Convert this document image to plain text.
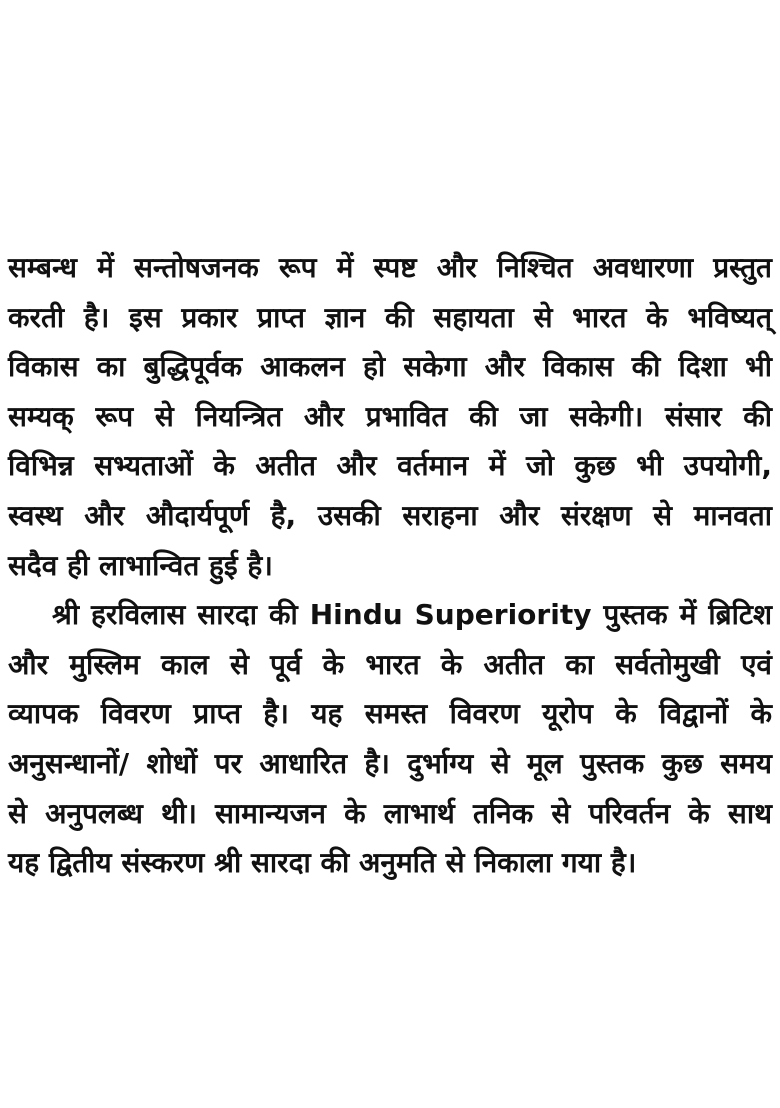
सम्बन्ध में सन्तोषजनक रूप में स्पष्ट और निश्चित अवधारणा प्रस्तुत
करती है। इस प्रकार प्राप्त ज्ञान की सहायता से भारत के भविष्यत्
विकास का बुद्धिपूर्वक आकलन हो सकेगा और विकास की दिशा भी
सम्यक् रूप से नियन्त्रित और प्रभावित की जा सकेगी। संसार की
विभिन्न सभ्यताओं के अतीत और वर्तमान में जो कुछ भी उपयोगी,
स्वस्थ और औदार्यपूर्ण है, उसकी सराहना और संरक्षण से मानवता
सदैव ही लाभान्वित हुई है।
श्री हरविलास सारदा की Hindu Superiority पुस्तक में ब्रिटिश
और मुस्लिम काल से पूर्व के भारत के अतीत का सर्वतोमुखी एवं
व्यापक विवरण प्राप्त है। यह समस्त विवरण यूरोप के विद्वानों के
अनुसन्धानों/ शोधों पर आधारित है। दुर्भाग्य से मूल पुस्तक कुछ समय
से अनुपलब्ध थी। सामान्यजन के लाभार्थ तनिक से परिवर्तन के साथ
यह द्वितीय संस्करण श्री सारदा की अनुमति से निकाला गया है।
